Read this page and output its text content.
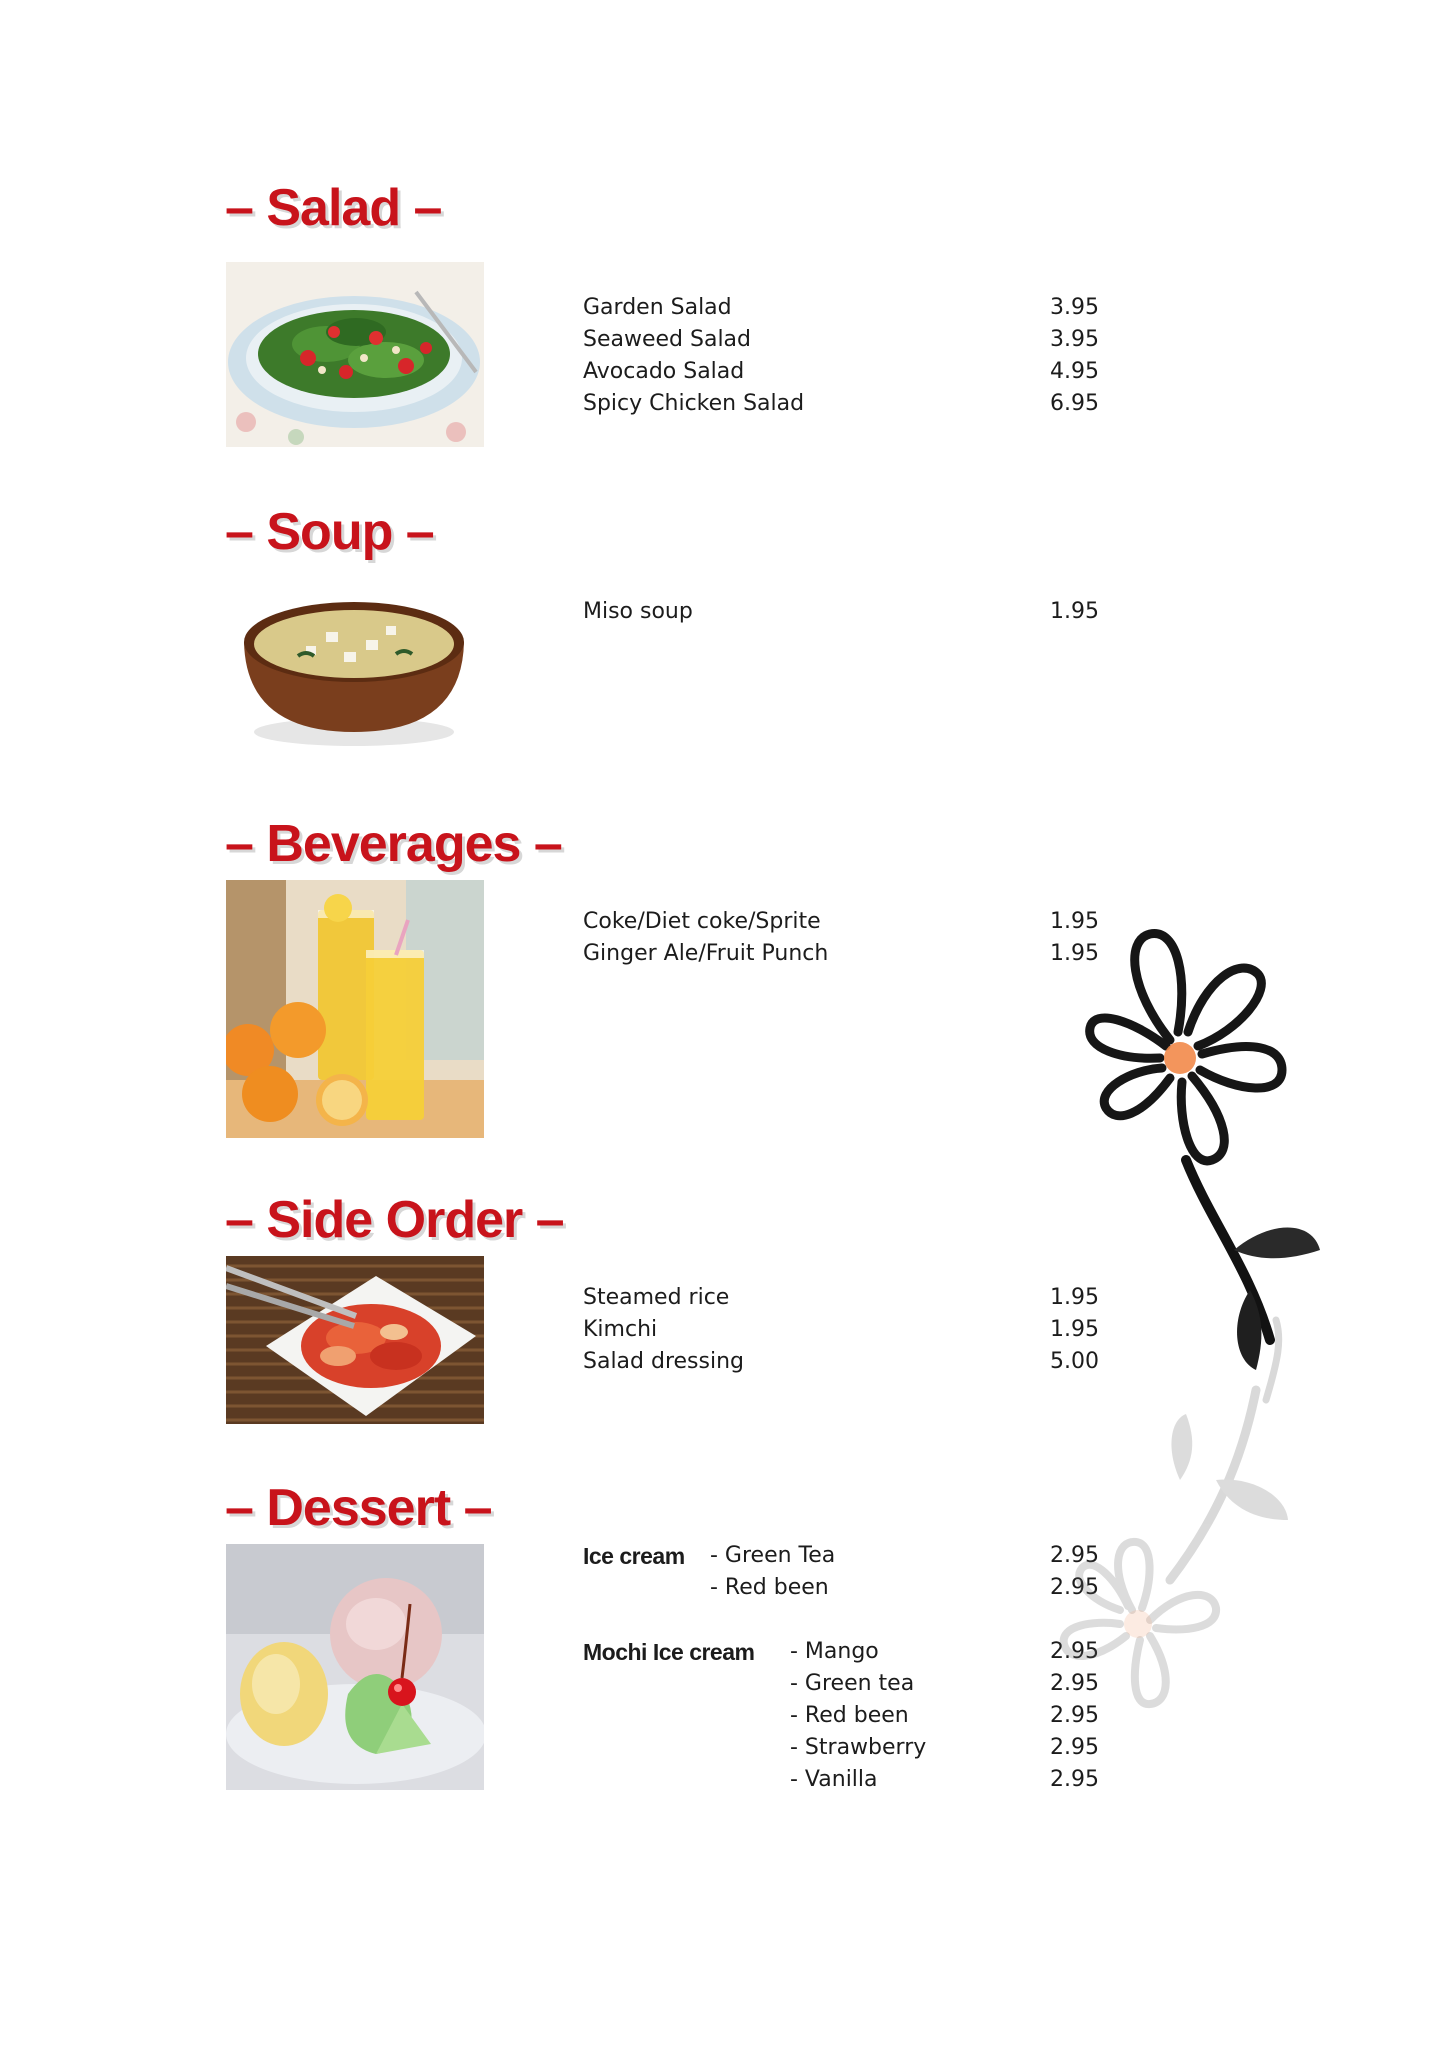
– Salad –
Garden Salad	3.95
Seaweed Salad	3.95
Avocado Salad	4.95
Spicy Chicken Salad	6.95
– Soup –
Miso soup	1.95
– Beverages –
Coke/Diet coke/Sprite	1.95
Ginger Ale/Fruit Punch	1.95
– Side Order –
Steamed rice	1.95
Kimchi	1.95
Salad dressing	5.00
– Dessert –
Ice cream - Green Tea	2.95
- Red been	2.95
Mochi Ice cream - Mango	2.95
- Green tea	2.95
- Red been	2.95
- Strawberry	2.95
- Vanilla	2.95
